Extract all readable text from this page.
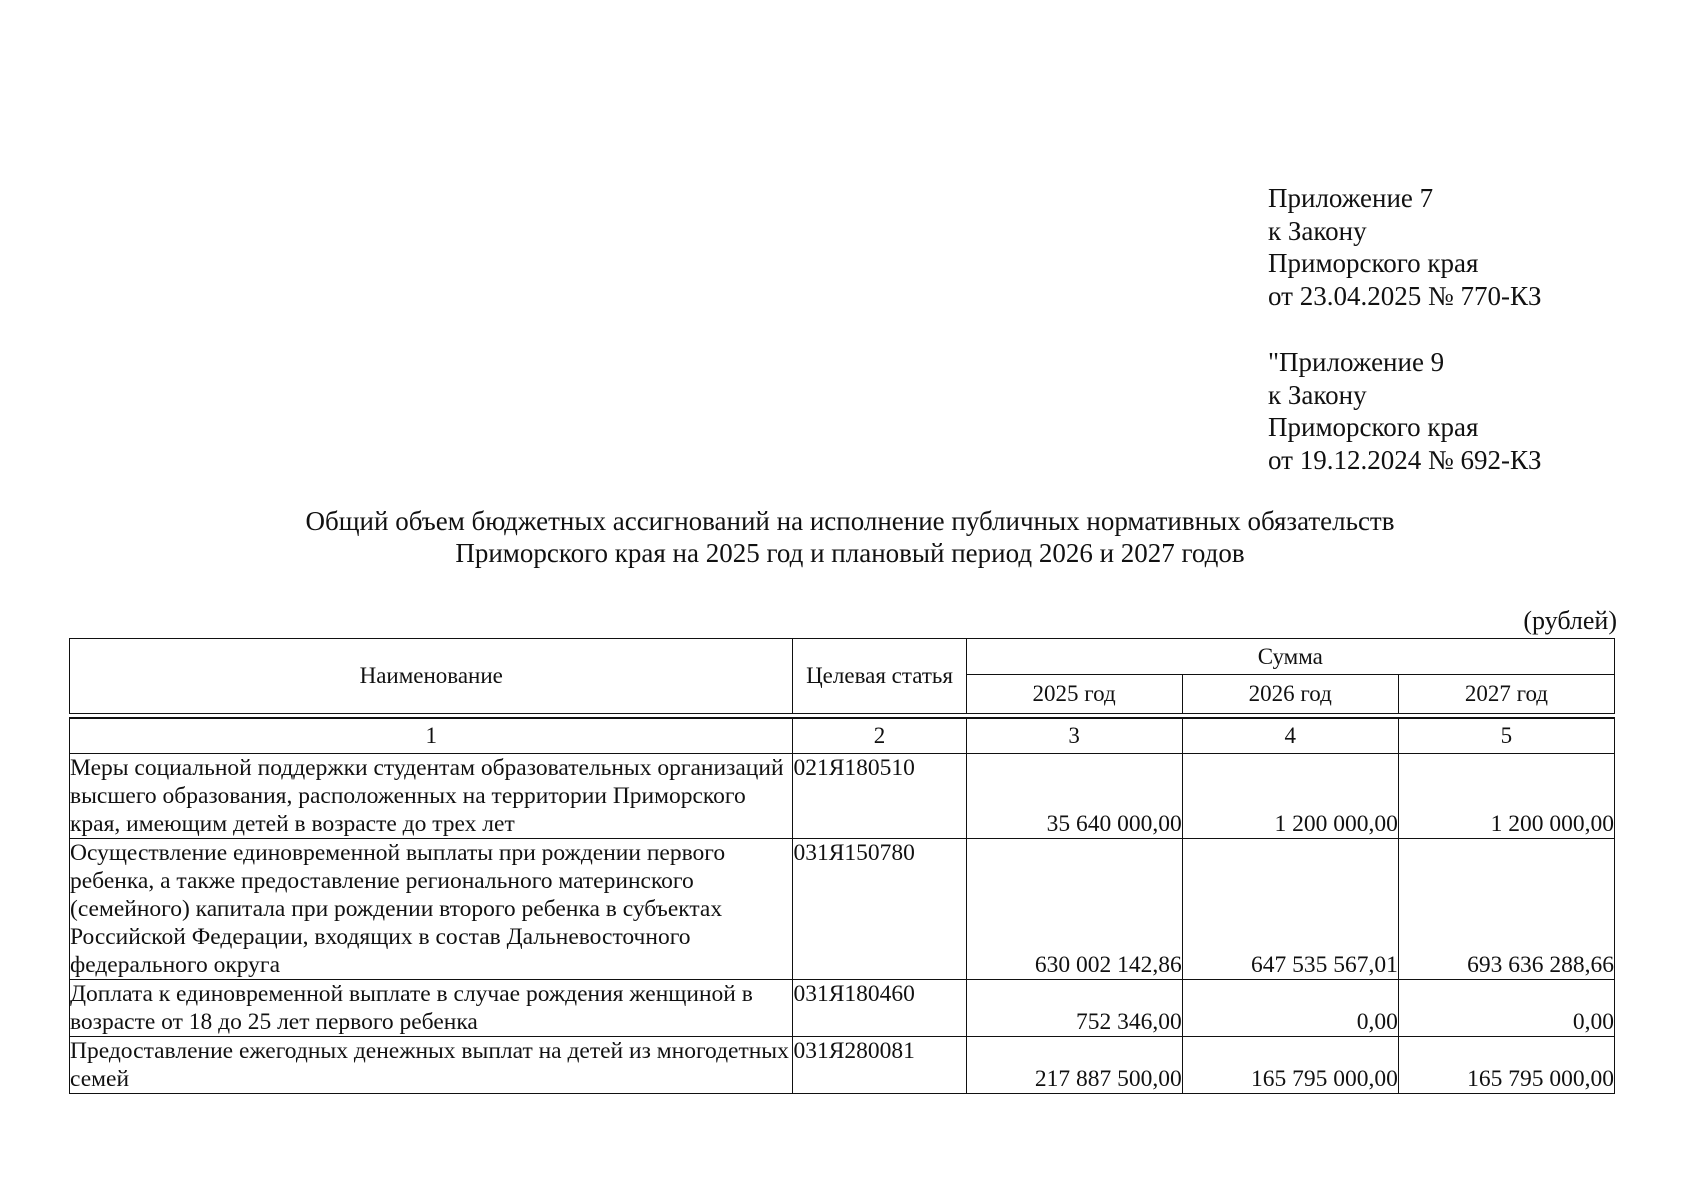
Приложение 7
к Закону
Приморского края
от 23.04.2025 № 770-КЗ
"Приложение 9
к Закону
Приморского края
от 19.12.2024 № 692-КЗ
Общий объем бюджетных ассигнований на исполнение публичных нормативных обязательств
Приморского края на 2025 год и плановый период 2026 и 2027 годов
(рублей)
Наименование	Целевая статья	Сумма		
		2025 год	2026 год	2027 год

1	2	3	4	5
Меры социальной поддержки студентам образовательных организаций высшего образования, расположенных на территории Приморского края, имеющим детей в возрасте до трех лет	021Я180510	35 640 000,00	1 200 000,00	1 200 000,00
Осуществление единовременной выплаты при рождении первого ребенка, а также предоставление регионального материнского (семейного) капитала при рождении второго ребенка в субъектах Российской Федерации, входящих в состав Дальневосточного федерального округа	031Я150780	630 002 142,86	647 535 567,01	693 636 288,66
Доплата к единовременной выплате в случае рождения женщиной в возрасте от 18 до 25 лет первого ребенка	031Я180460	752 346,00	0,00	0,00
Предоставление ежегодных денежных выплат на детей из многодетных семей	031Я280081	217 887 500,00	165 795 000,00	165 795 000,00
